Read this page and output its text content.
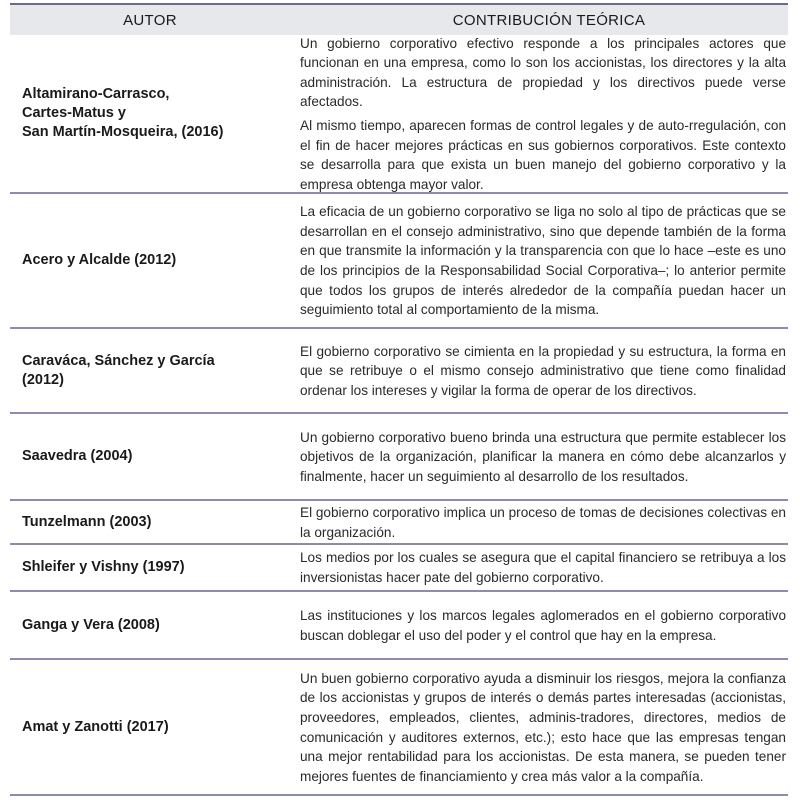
AUTOR	CONTRIBUCIÓN TEÓRICA
Altamirano-Carrasco,
Cartes-Matus y
San Martín-Mosqueira, (2016)

Un gobierno corporativo efectivo responde a los principales actores que funcionan en una empresa, como lo son los accionistas, los directores y la alta administración. La estructura de propiedad y los directivos puede verse afectados.

Al mismo tiempo, aparecen formas de control legales y de auto-rregulación, con el fin de hacer mejores prácticas en sus gobiernos corporativos. Este contexto se desarrolla para que exista un buen manejo del gobierno corporativo y la empresa obtenga mayor valor.

Acero y Alcalde (2012)

La eficacia de un gobierno corporativo se liga no solo al tipo de prácticas que se desarrollan en el consejo administrativo, sino que depende también de la forma en que transmite la información y la transparencia con que lo hace –este es uno de los principios de la Responsabilidad Social Corporativa–; lo anterior permite que todos los grupos de interés alrededor de la compañía puedan hacer un seguimiento total al comportamiento de la misma.

Caraváca, Sánchez y García
(2012)

El gobierno corporativo se cimienta en la propiedad y su estructura, la forma en que se retribuye o el mismo consejo administrativo que tiene como finalidad ordenar los intereses y vigilar la forma de operar de los directivos.

Saavedra (2004)

Un gobierno corporativo bueno brinda una estructura que permite establecer los objetivos de la organización, planificar la manera en cómo debe alcanzarlos y finalmente, hacer un seguimiento al desarrollo de los resultados.

Tunzelmann (2003)

El gobierno corporativo implica un proceso de tomas de decisiones colectivas en la organización.

Shleifer y Vishny (1997)

Los medios por los cuales se asegura que el capital financiero se retribuya a los inversionistas hacer pate del gobierno corporativo.

Ganga y Vera (2008)

Las instituciones y los marcos legales aglomerados en el gobierno corporativo buscan doblegar el uso del poder y el control que hay en la empresa.

Amat y Zanotti (2017)

Un buen gobierno corporativo ayuda a disminuir los riesgos, mejora la confianza de los accionistas y grupos de interés o demás partes interesadas (accionistas, proveedores, empleados, clientes, adminis-tradores, directores, medios de comunicación y auditores externos, etc.); esto hace que las empresas tengan una mejor rentabilidad para los accionistas. De esta manera, se pueden tener mejores fuentes de financiamiento y crea más valor a la compañía.
